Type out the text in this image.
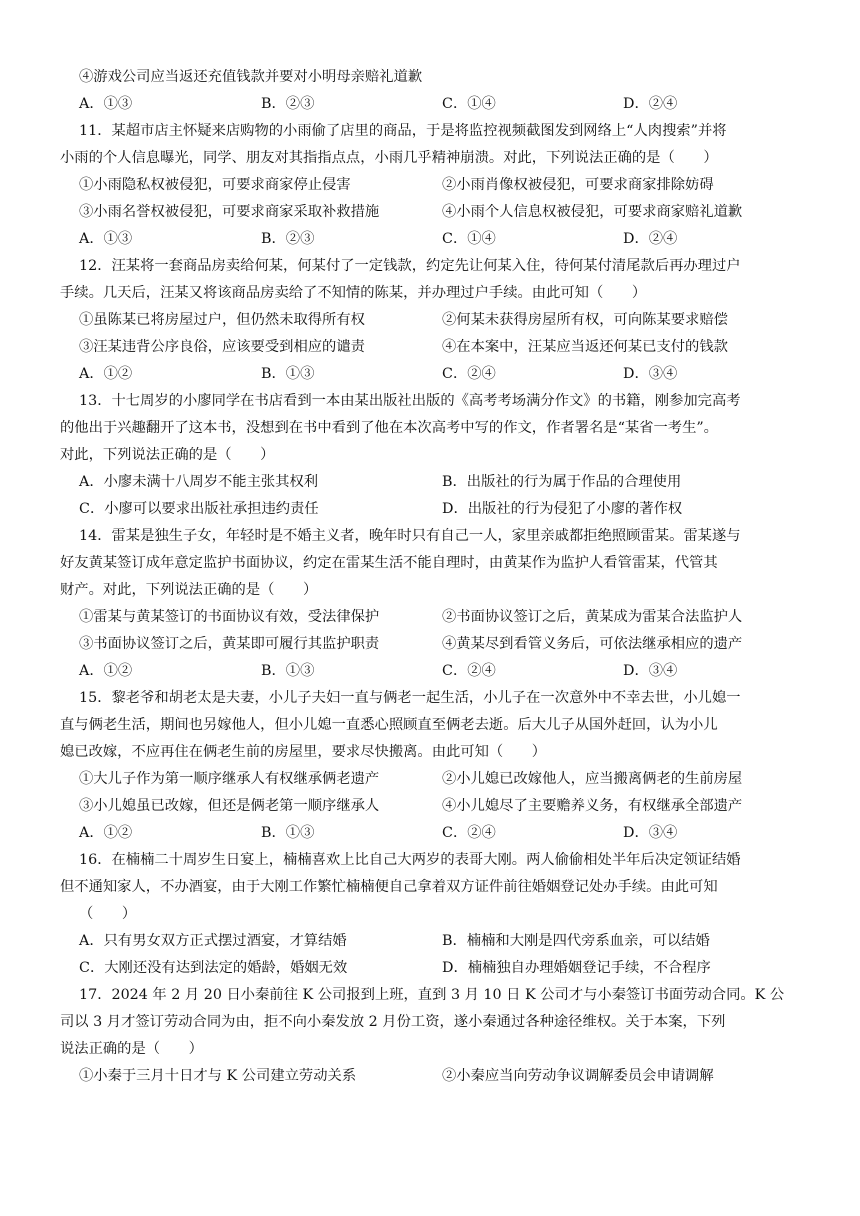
④游戏公司应当返还充值钱款并要对小明母亲赔礼道歉
A．①③	B．②③	C．①④	D．②④
11．某超市店主怀疑来店购物的小雨偷了店里的商品，于是将监控视频截图发到网络上“人肉搜索”并将
小雨的个人信息曝光，同学、朋友对其指指点点，小雨几乎精神崩溃。对此，下列说法正确的是（　　）
①小雨隐私权被侵犯，可要求商家停止侵害	②小雨肖像权被侵犯，可要求商家排除妨碍
③小雨名誉权被侵犯，可要求商家采取补救措施	④小雨个人信息权被侵犯，可要求商家赔礼道歉
A．①③	B．②③	C．①④	D．②④
12．汪某将一套商品房卖给何某，何某付了一定钱款，约定先让何某入住，待何某付清尾款后再办理过户
手续。几天后，汪某又将该商品房卖给了不知情的陈某，并办理过户手续。由此可知（　　）
①虽陈某已将房屋过户，但仍然未取得所有权	②何某未获得房屋所有权，可向陈某要求赔偿
③汪某违背公序良俗，应该要受到相应的谴责	④在本案中，汪某应当返还何某已支付的钱款
A．①②	B．①③	C．②④	D．③④
13．十七周岁的小廖同学在书店看到一本由某出版社出版的《高考考场满分作文》的书籍，刚参加完高考
的他出于兴趣翻开了这本书，没想到在书中看到了他在本次高考中写的作文，作者署名是“某省一考生”。
对此，下列说法正确的是（　　）
A．小廖未满十八周岁不能主张其权利	B．出版社的行为属于作品的合理使用
C．小廖可以要求出版社承担违约责任	D．出版社的行为侵犯了小廖的著作权
14．雷某是独生子女，年轻时是不婚主义者，晚年时只有自己一人，家里亲戚都拒绝照顾雷某。雷某遂与
好友黄某签订成年意定监护书面协议，约定在雷某生活不能自理时，由黄某作为监护人看管雷某，代管其
财产。对此，下列说法正确的是（　　）
①雷某与黄某签订的书面协议有效，受法律保护	②书面协议签订之后，黄某成为雷某合法监护人
③书面协议签订之后，黄某即可履行其监护职责	④黄某尽到看管义务后，可依法继承相应的遗产
A．①②	B．①③	C．②④	D．③④
15．黎老爷和胡老太是夫妻，小儿子夫妇一直与俩老一起生活，小儿子在一次意外中不幸去世，小儿媳一
直与俩老生活，期间也另嫁他人，但小儿媳一直悉心照顾直至俩老去逝。后大儿子从国外赶回，认为小儿
媳已改嫁，不应再住在俩老生前的房屋里，要求尽快搬离。由此可知（　　）
①大儿子作为第一顺序继承人有权继承俩老遗产	②小儿媳已改嫁他人，应当搬离俩老的生前房屋
③小儿媳虽已改嫁，但还是俩老第一顺序继承人	④小儿媳尽了主要赡养义务，有权继承全部遗产
A．①②	B．①③	C．②④	D．③④
16．在楠楠二十周岁生日宴上，楠楠喜欢上比自己大两岁的表哥大刚。两人偷偷相处半年后决定领证结婚
但不通知家人，不办酒宴，由于大刚工作繁忙楠楠便自己拿着双方证件前往婚姻登记处办手续。由此可知
（　　）
A．只有男女双方正式摆过酒宴，才算结婚	B．楠楠和大刚是四代旁系血亲，可以结婚
C．大刚还没有达到法定的婚龄，婚姻无效	D．楠楠独自办理婚姻登记手续，不合程序
17．2024 年 2 月 20 日小秦前往 K 公司报到上班，直到 3 月 10 日 K 公司才与小秦签订书面劳动合同。K 公
司以 3 月才签订劳动合同为由，拒不向小秦发放 2 月份工资，遂小秦通过各种途径维权。关于本案，下列
说法正确的是（　　）
①小秦于三月十日才与 K 公司建立劳动关系	②小秦应当向劳动争议调解委员会申请调解
